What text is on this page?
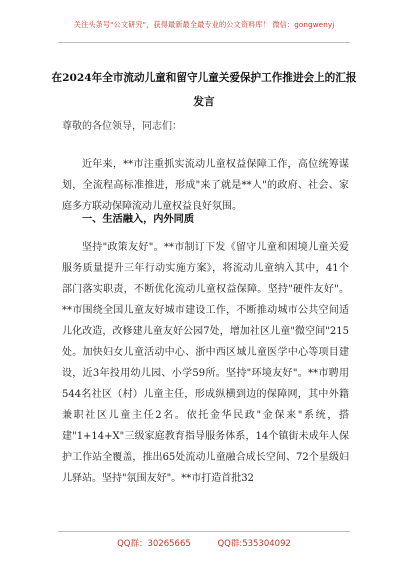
关注头条号"公文研究"，获得最新最全最专业的公文资料库！ 微信：gongwenyj
在2024年全市流动儿童和留守儿童关爱保护工作推进会上的汇报发言
尊敬的各位领导，同志们：
近年来，**市注重抓实流动儿童权益保障工作，高位统筹谋划，全流程高标准推进，形成"来了就是**人"的政府、社会、家庭多方联动保障流动儿童权益良好氛围。
一、生活融入，内外同质
坚持"政策友好"。**市制订下发《留守儿童和困境儿童关爱服务质量提升三年行动实施方案》，将流动儿童纳入其中，41个部门落实职责，不断优化流动儿童权益保障。坚持"硬件友好"。**市围绕全国儿童友好城市建设工作，不断推动城市公共空间适儿化改造，改修建儿童友好公园7处，增加社区儿童"微空间"215处。加快妇女儿童活动中心、浙中西区域儿童医学中心等项目建设，近3年投用幼儿园、小学59所。坚持"环境友好"。**市聘用544名社区（村）儿童主任，形成纵横到边的保障网，其中外籍兼职社区儿童主任2名。依托金华民政"金保来"系统，搭建"1+14+X"三级家庭教育指导服务体系，14个镇街未成年人保护工作站全覆盖，推出65处流动儿童融合成长空间、72个星级妇儿驿站。坚持"氛围友好"。**市打造首批32
QQ群：30265665	QQ群:535304092
